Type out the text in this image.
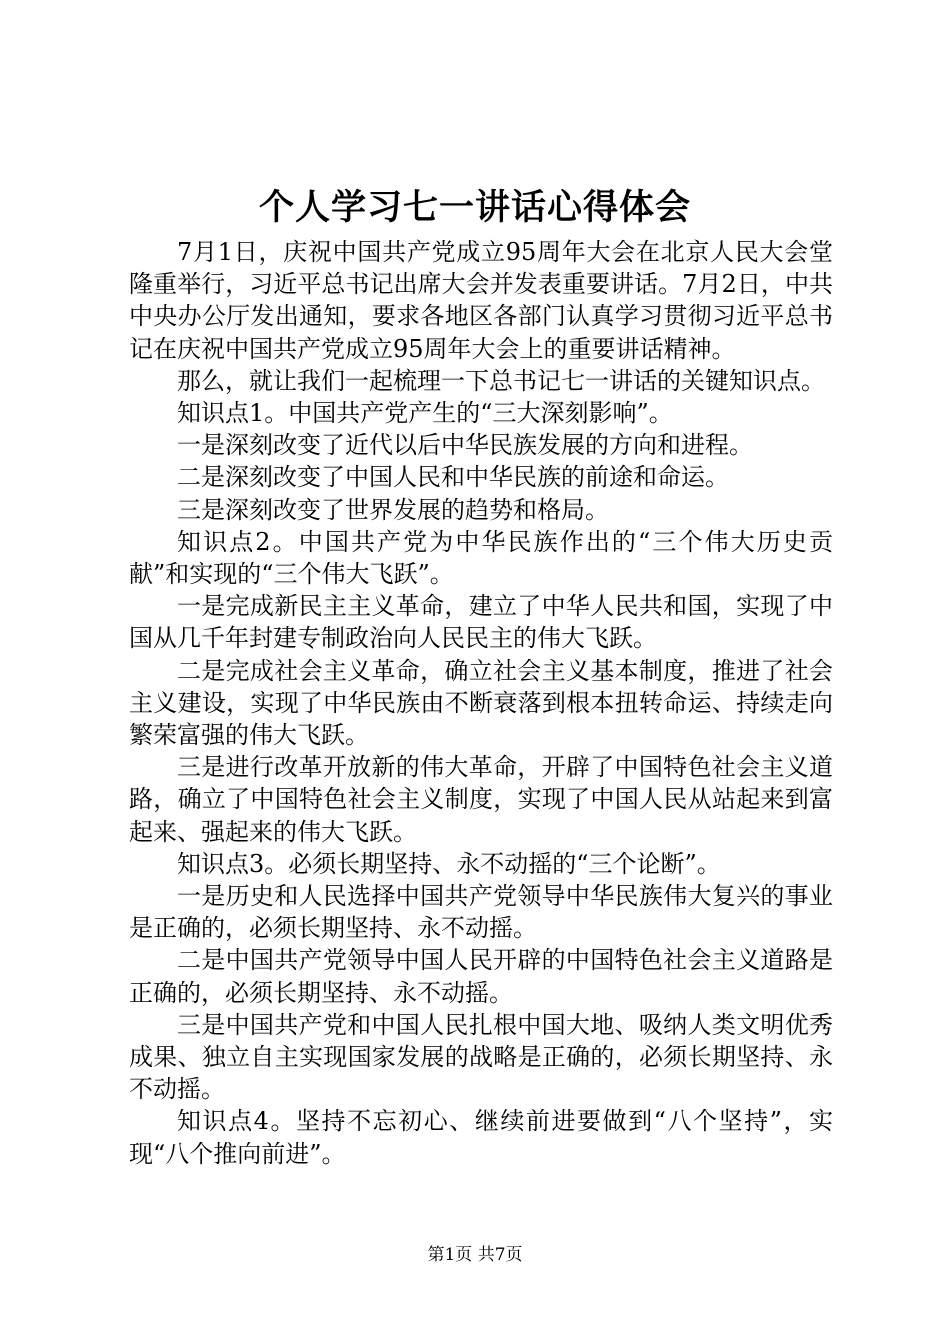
个人学习七一讲话心得体会

7月1日，庆祝中国共产党成立95周年大会在北京人民大会堂隆重举行，习近平总书记出席大会并发表重要讲话。7月2日，中共中央办公厅发出通知，要求各地区各部门认真学习贯彻习近平总书记在庆祝中国共产党成立95周年大会上的重要讲话精神。

那么，就让我们一起梳理一下总书记七一讲话的关键知识点。

知识点1。中国共产党产生的“三大深刻影响”。

一是深刻改变了近代以后中华民族发展的方向和进程。

二是深刻改变了中国人民和中华民族的前途和命运。

三是深刻改变了世界发展的趋势和格局。

知识点2。中国共产党为中华民族作出的“三个伟大历史贡献”和实现的“三个伟大飞跃”。

一是完成新民主主义革命，建立了中华人民共和国，实现了中国从几千年封建专制政治向人民民主的伟大飞跃。

二是完成社会主义革命，确立社会主义基本制度，推进了社会主义建设，实现了中华民族由不断衰落到根本扭转命运、持续走向繁荣富强的伟大飞跃。

三是进行改革开放新的伟大革命，开辟了中国特色社会主义道路，确立了中国特色社会主义制度，实现了中国人民从站起来到富起来、强起来的伟大飞跃。

知识点3。必须长期坚持、永不动摇的“三个论断”。

一是历史和人民选择中国共产党领导中华民族伟大复兴的事业是正确的，必须长期坚持、永不动摇。

二是中国共产党领导中国人民开辟的中国特色社会主义道路是正确的，必须长期坚持、永不动摇。

三是中国共产党和中国人民扎根中国大地、吸纳人类文明优秀成果、独立自主实现国家发展的战略是正确的，必须长期坚持、永不动摇。

知识点4。坚持不忘初心、继续前进要做到“八个坚持”，实现“八个推向前进”。

第1页 共7页
